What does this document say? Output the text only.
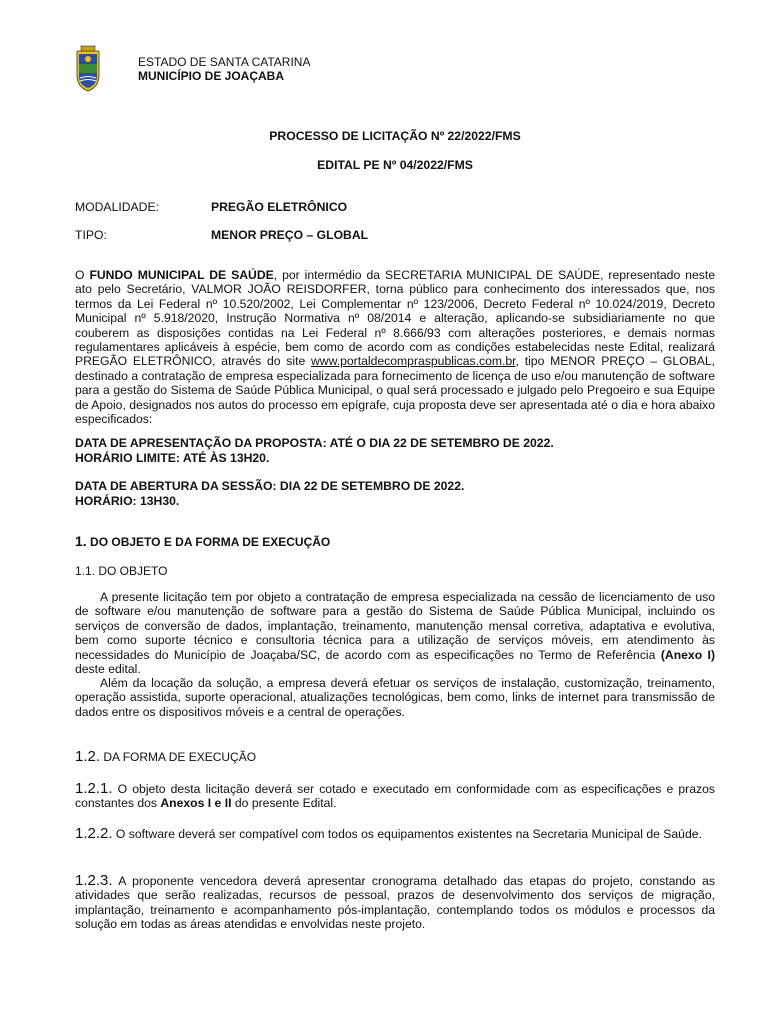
ESTADO DE SANTA CATARINA
MUNICÍPIO DE JOAÇABA
PROCESSO DE LICITAÇÃO Nº 22/2022/FMS
EDITAL PE Nº 04/2022/FMS
MODALIDADE:	PREGÃO ELETRÔNICO
TIPO:	MENOR PREÇO – GLOBAL
O FUNDO MUNICIPAL DE SAÚDE, por intermédio da SECRETARIA MUNICIPAL DE SAÚDE, representado neste ato pelo Secretário, VALMOR JOÃO REISDORFER, torna público para conhecimento dos interessados que, nos termos da Lei Federal nº 10.520/2002, Lei Complementar nº 123/2006, Decreto Federal nº 10.024/2019, Decreto Municipal nº 5.918/2020, Instrução Normativa nº 08/2014 e alteração, aplicando-se subsidiariamente no que couberem as disposições contidas na Lei Federal nº 8.666/93 com alterações posteriores, e demais normas regulamentares aplicáveis à espécie, bem como de acordo com as condições estabelecidas neste Edital, realizará PREGÃO ELETRÔNICO, através do site www.portaldecompraspublicas.com.br, tipo MENOR PREÇO – GLOBAL, destinado a contratação de empresa especializada para fornecimento de licença de uso e/ou manutenção de software para a gestão do Sistema de Saúde Pública Municipal, o qual será processado e julgado pelo Pregoeiro e sua Equipe de Apoio, designados nos autos do processo em epígrafe, cuja proposta deve ser apresentada até o dia e hora abaixo especificados:
DATA DE APRESENTAÇÃO DA PROPOSTA: ATÉ O DIA 22 DE SETEMBRO DE 2022.
HORÁRIO LIMITE: ATÉ ÀS 13H20.
DATA DE ABERTURA DA SESSÃO: DIA 22 DE SETEMBRO DE 2022.
HORÁRIO: 13H30.
1. DO OBJETO E DA FORMA DE EXECUÇÃO
1.1. DO OBJETO
A presente licitação tem por objeto a contratação de empresa especializada na cessão de licenciamento de uso de software e/ou manutenção de software para a gestão do Sistema de Saúde Pública Municipal, incluindo os serviços de conversão de dados, implantação, treinamento, manutenção mensal corretiva, adaptativa e evolutiva, bem como suporte técnico e consultoria técnica para a utilização de serviços móveis, em atendimento às necessidades do Município de Joaçaba/SC, de acordo com as especificações no Termo de Referência (Anexo I) deste edital.
Além da locação da solução, a empresa deverá efetuar os serviços de instalação, customização, treinamento, operação assistida, suporte operacional, atualizações tecnológicas, bem como, links de internet para transmissão de dados entre os dispositivos móveis e a central de operações.
1.2. DA FORMA DE EXECUÇÃO
1.2.1. O objeto desta licitação deverá ser cotado e executado em conformidade com as especificações e prazos constantes dos Anexos I e II do presente Edital.
1.2.2. O software deverá ser compatível com todos os equipamentos existentes na Secretaria Municipal de Saúde.
1.2.3. A proponente vencedora deverá apresentar cronograma detalhado das etapas do projeto, constando as atividades que serão realizadas, recursos de pessoal, prazos de desenvolvimento dos serviços de migração, implantação, treinamento e acompanhamento pós-implantação, contemplando todos os módulos e processos da solução em todas as áreas atendidas e envolvidas neste projeto.
